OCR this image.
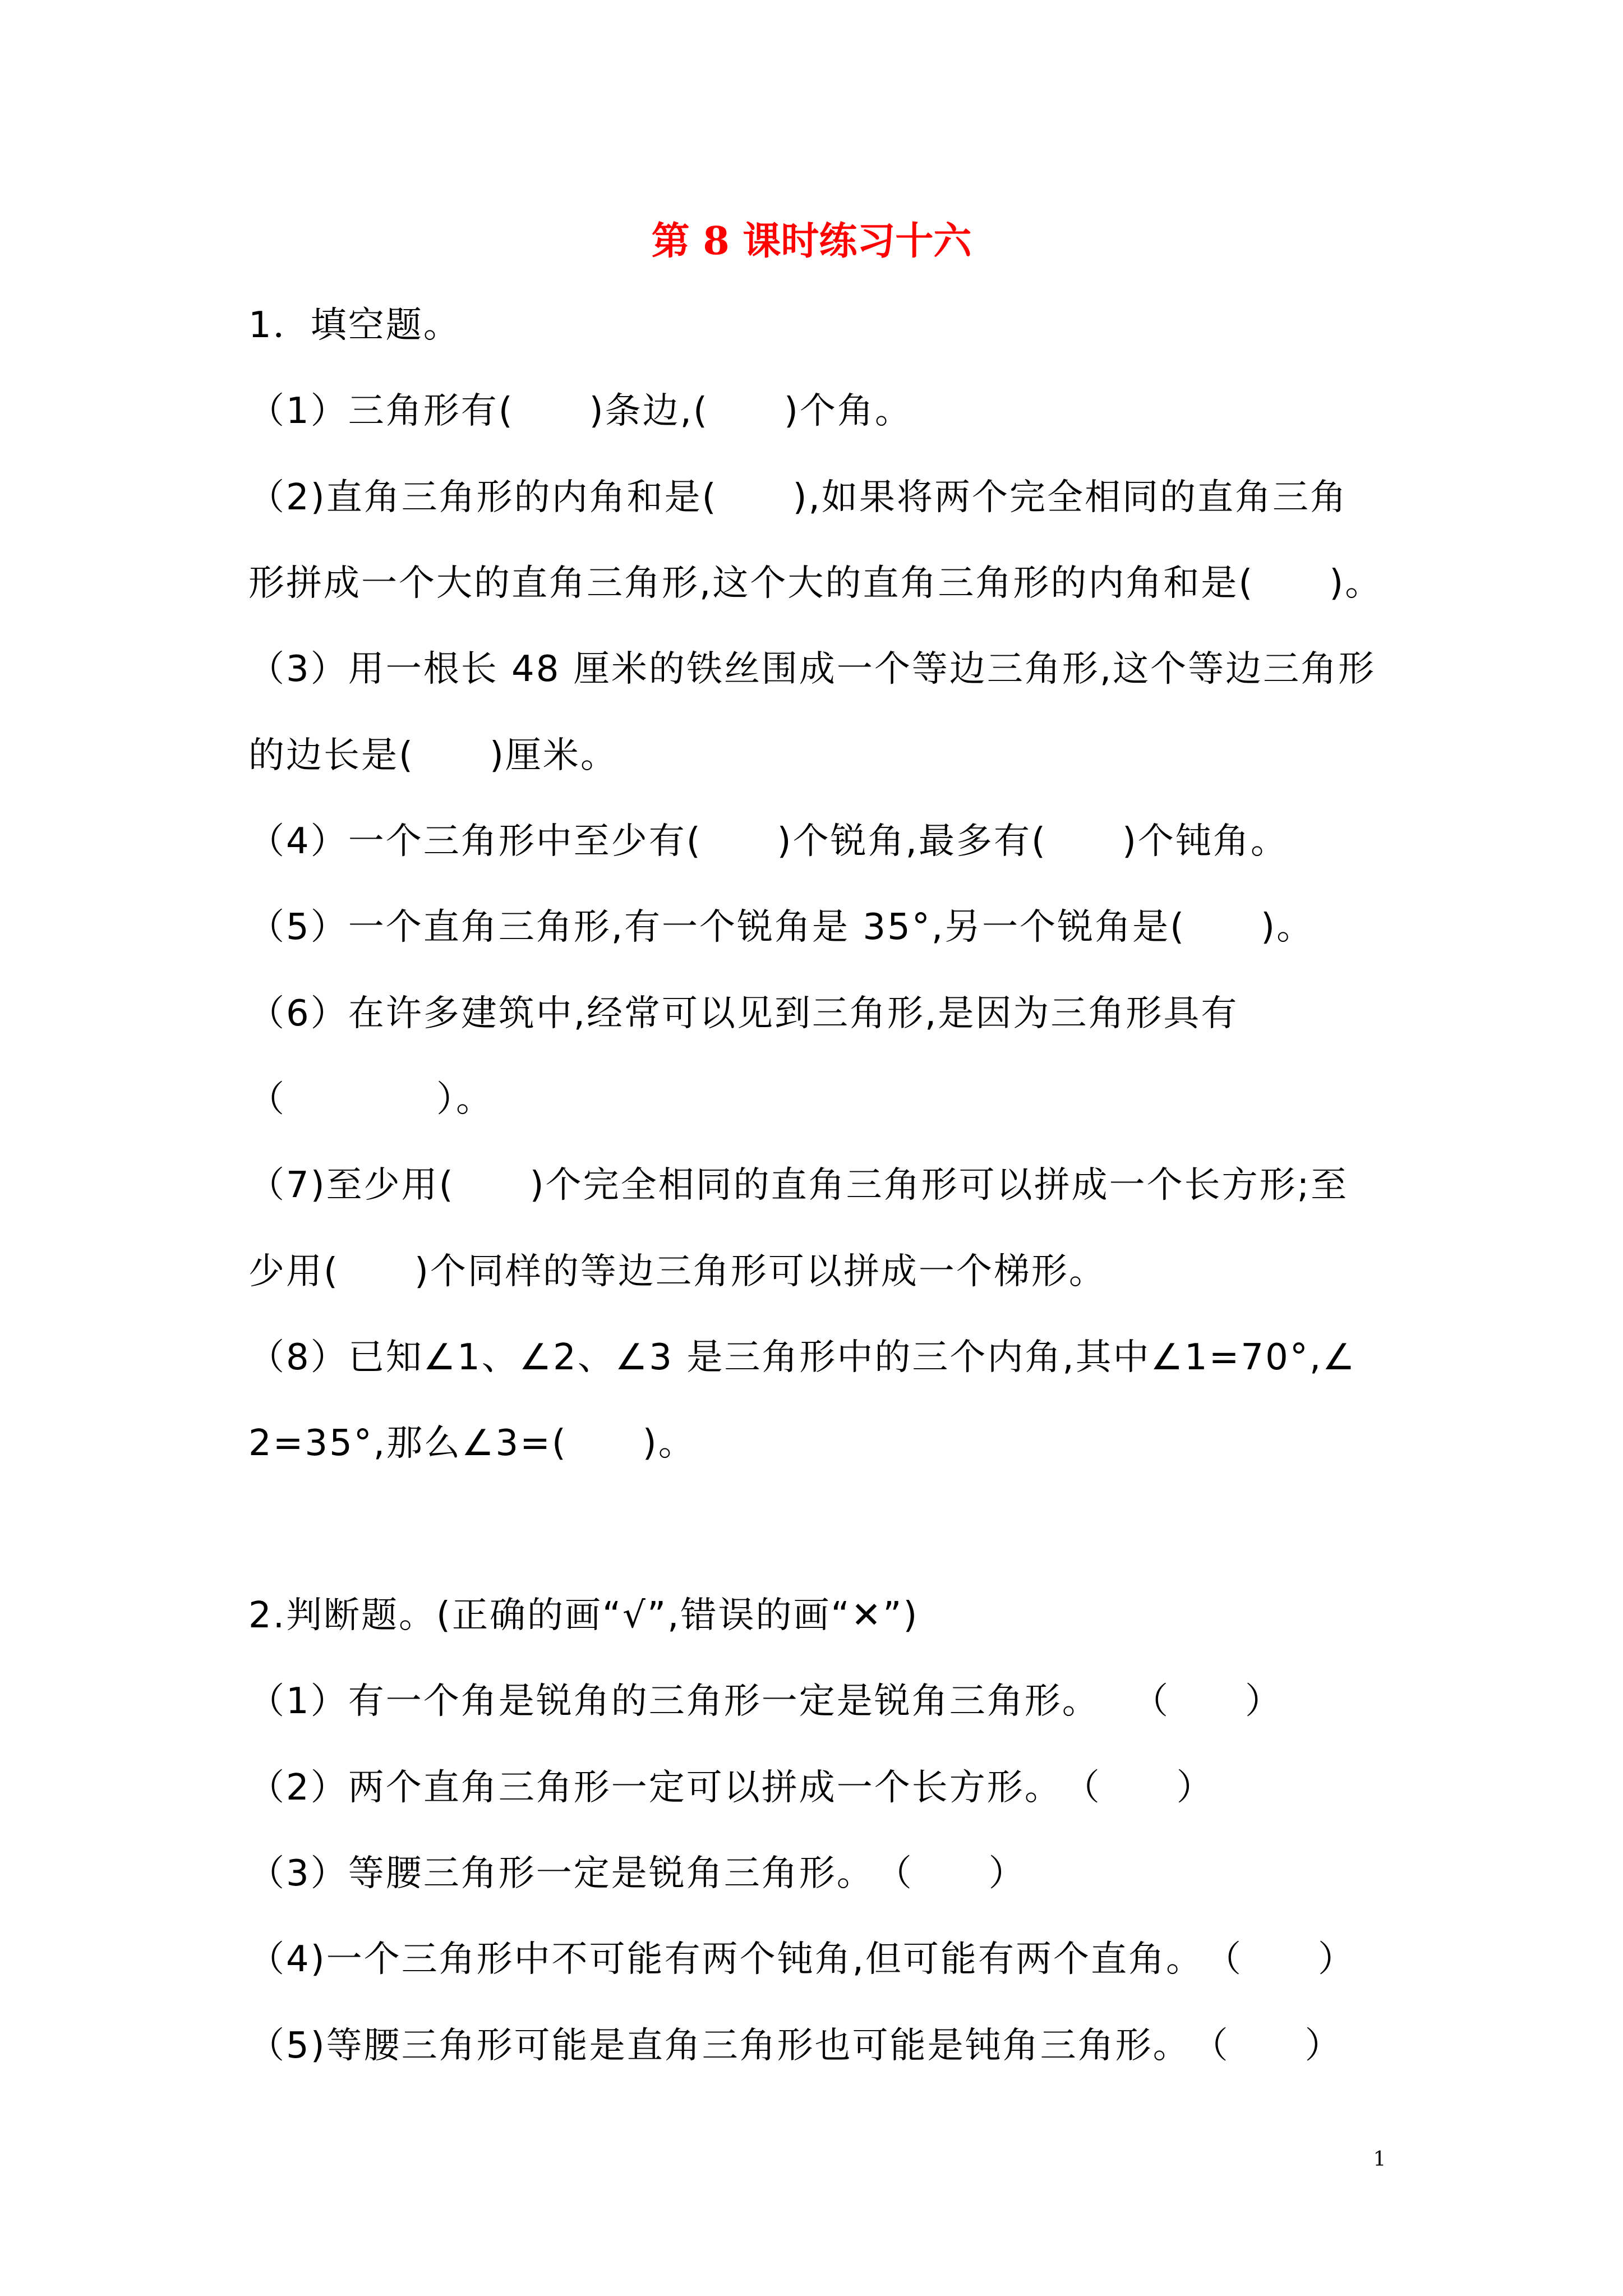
第 8 课时练习十六
1．填空题。
（1）三角形有(　　)条边,(　　)个角。
（2)直角三角形的内角和是(　　),如果将两个完全相同的直角三角
形拼成一个大的直角三角形,这个大的直角三角形的内角和是(　　)。
（3）用一根长 48 厘米的铁丝围成一个等边三角形,这个等边三角形
的边长是(　　)厘米。
（4）一个三角形中至少有(　　)个锐角,最多有(　　)个钝角。
（5）一个直角三角形,有一个锐角是 35°,另一个锐角是(　　)。
（6）在许多建筑中,经常可以见到三角形,是因为三角形具有
（　　　　）。
（7)至少用(　　)个完全相同的直角三角形可以拼成一个长方形;至
少用(　　)个同样的等边三角形可以拼成一个梯形。
（8）已知∠1、∠2、∠3 是三角形中的三个内角,其中∠1=70°,∠
2=35°,那么∠3=(　　)。
2.判断题。(正确的画“√”,错误的画“✕”)
（1）有一个角是锐角的三角形一定是锐角三角形。　 （　　）
（2）两个直角三角形一定可以拼成一个长方形。　（　　）
（3）等腰三角形一定是锐角三角形。　（　　）
（4)一个三角形中不可能有两个钝角,但可能有两个直角。　（　　）
（5)等腰三角形可能是直角三角形也可能是钝角三角形。　（　　）
1
